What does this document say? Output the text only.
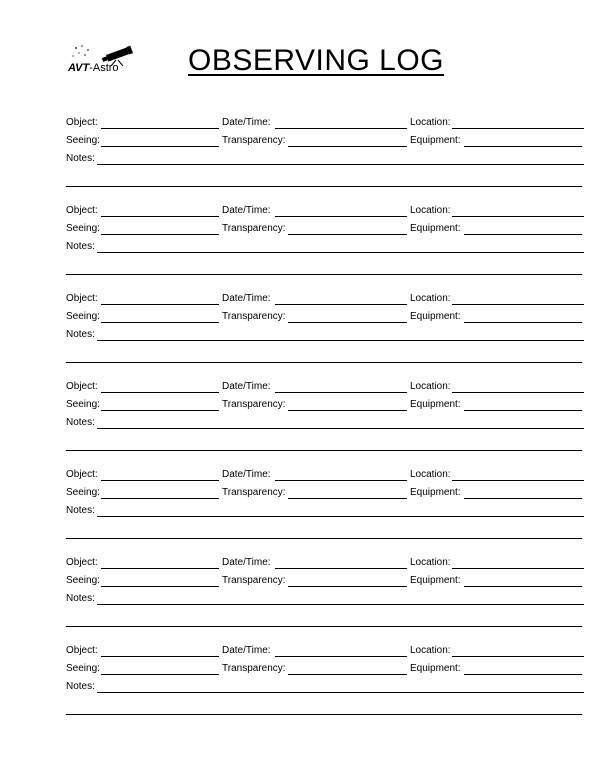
AVT-Astro OBSERVING LOG
Object:	Date/Time:	Location:
Seeing:	Transparency:	Equipment:
Notes:
Object:	Date/Time:	Location:
Seeing:	Transparency:	Equipment:
Notes:
Object:	Date/Time:	Location:
Seeing:	Transparency:	Equipment:
Notes:
Object:	Date/Time:	Location:
Seeing:	Transparency:	Equipment:
Notes:
Object:	Date/Time:	Location:
Seeing:	Transparency:	Equipment:
Notes:
Object:	Date/Time:	Location:
Seeing:	Transparency:	Equipment:
Notes:
Object:	Date/Time:	Location:
Seeing:	Transparency:	Equipment:
Notes:
